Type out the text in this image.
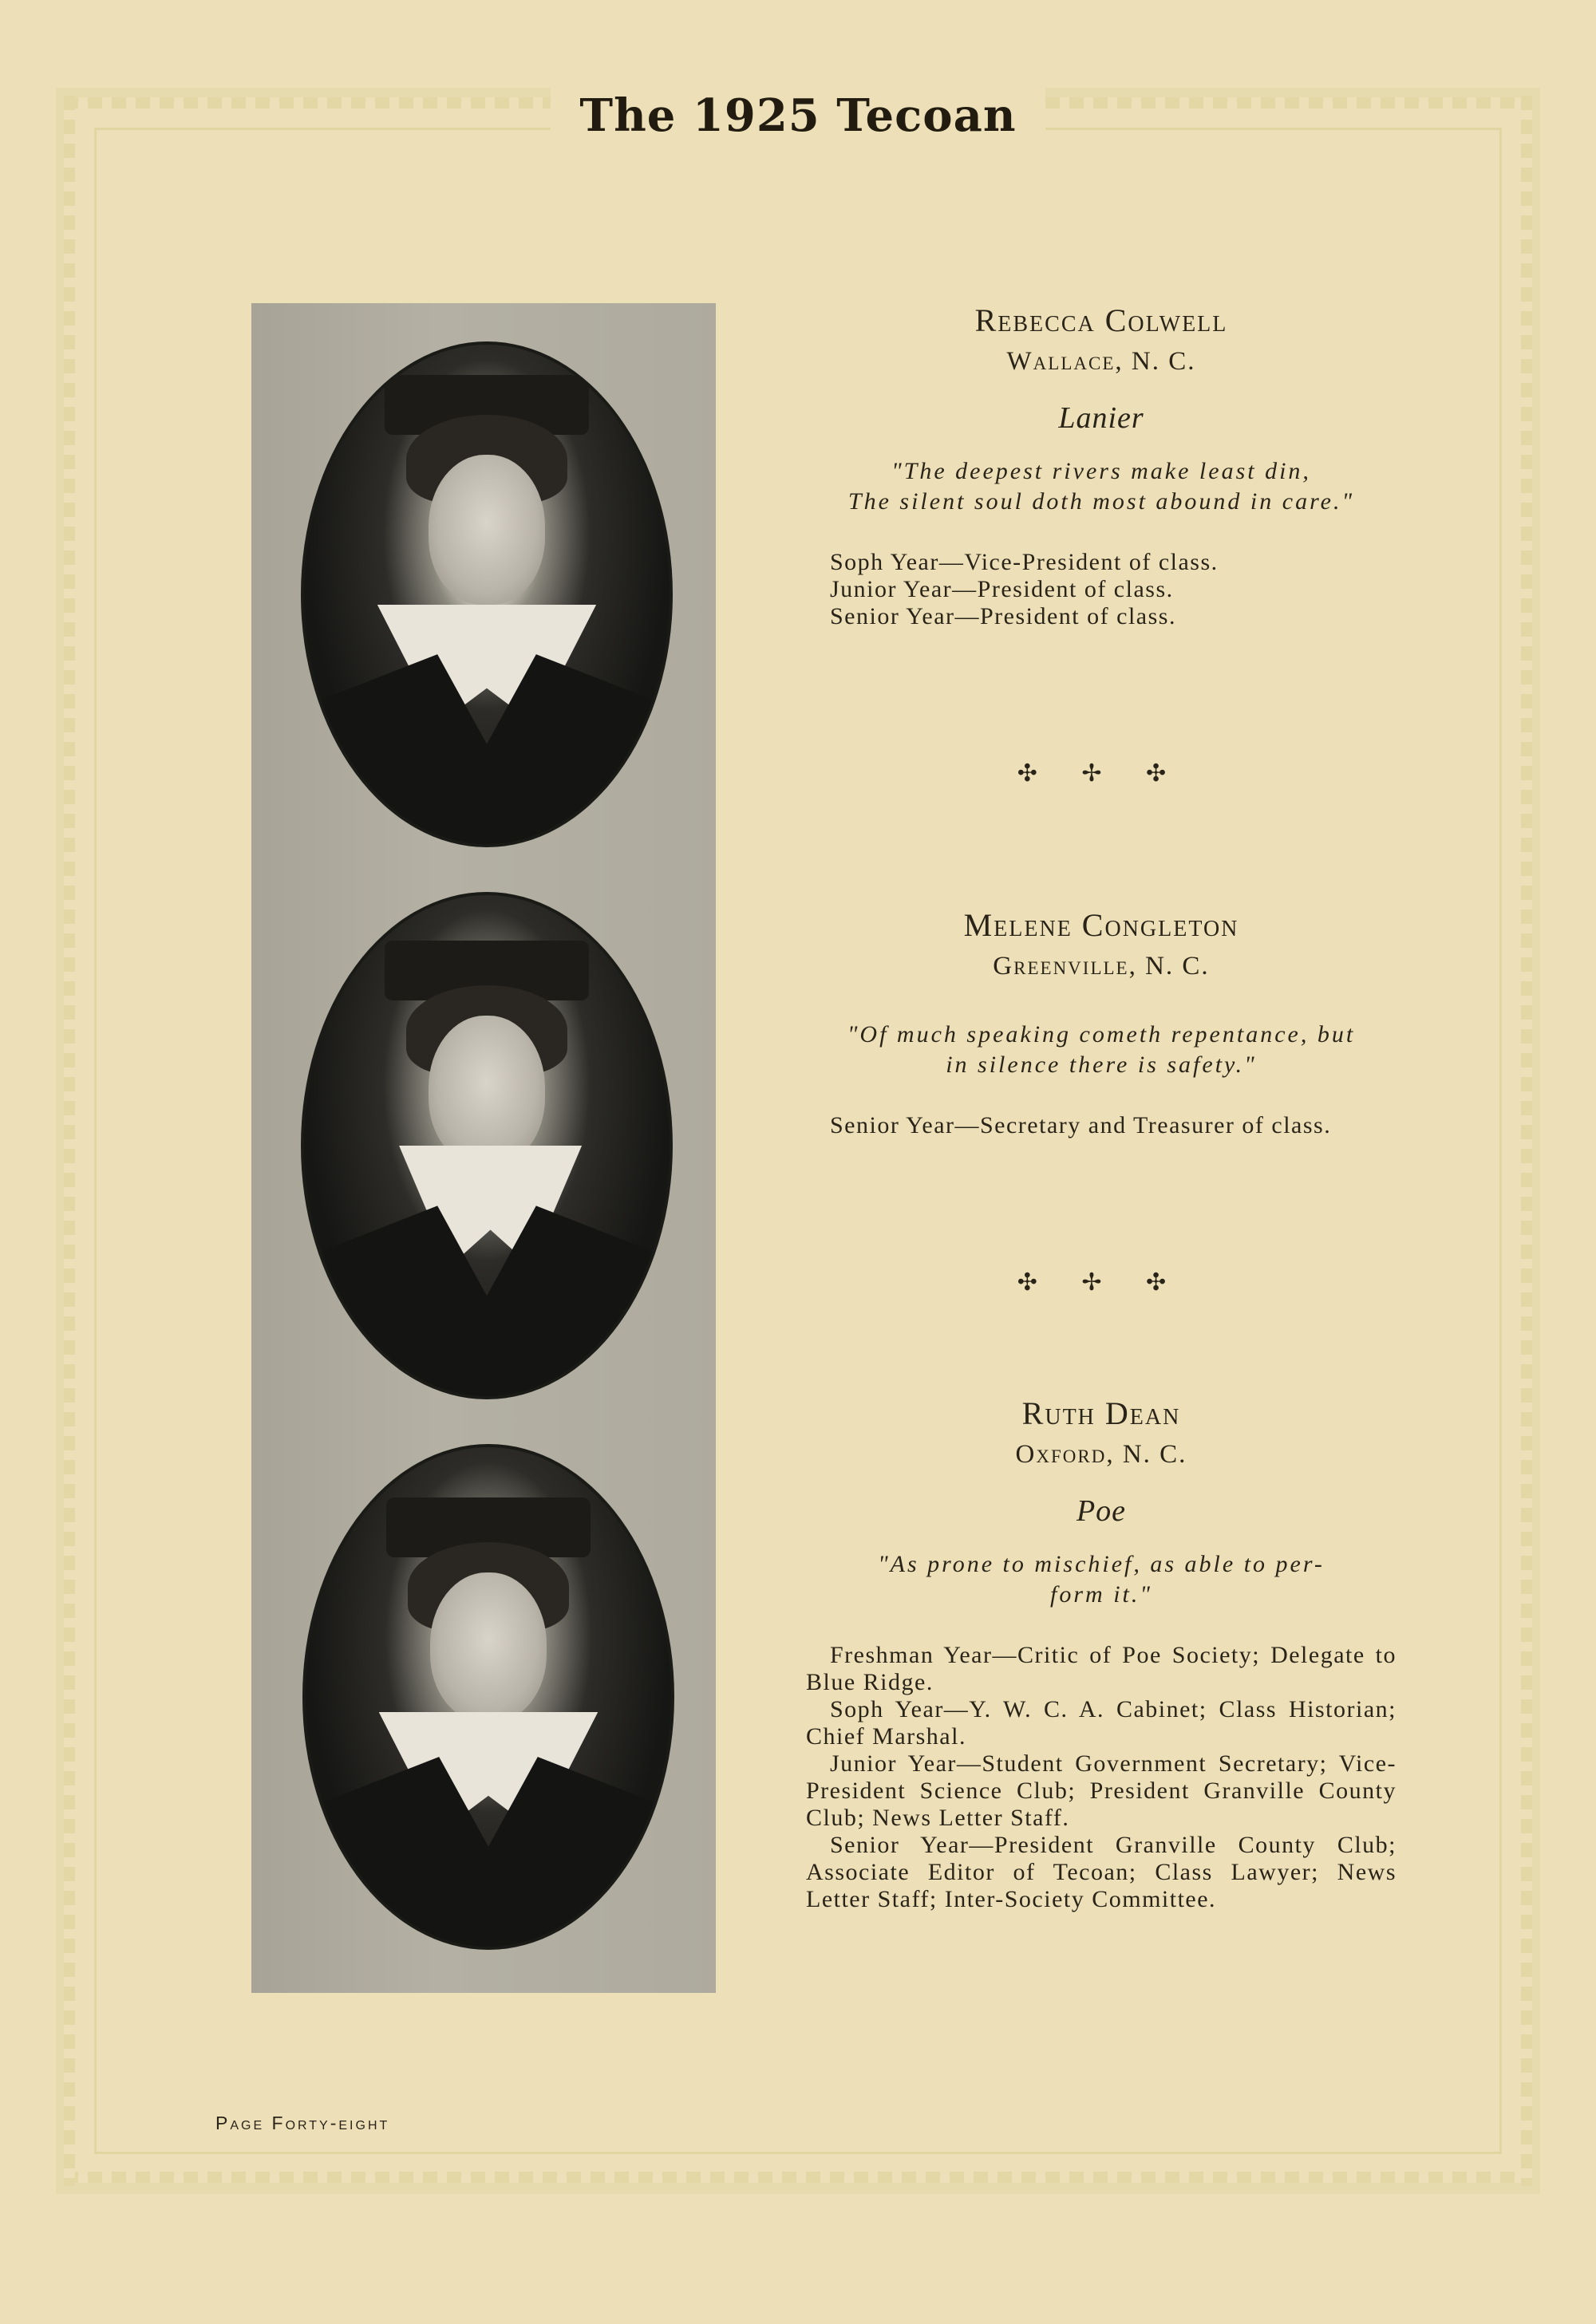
The 1925 Tecoan

Rebecca Colwell

Wallace, N. C.

Lanier

"The deepest rivers make least din,
The silent soul doth most abound in care."

Soph Year—Vice-President of class.

Junior Year—President of class.

Senior Year—President of class.

✣ ✢ ✣

Melene Congleton

Greenville, N. C.

"Of much speaking cometh repentance, but
in silence there is safety."

Senior Year—Secretary and Treasurer of class.

✣ ✢ ✣

Ruth Dean

Oxford, N. C.

Poe

"As prone to mischief, as able to per-
form it."

Freshman Year—Critic of Poe Society; Delegate to Blue Ridge.

Soph Year—Y. W. C. A. Cabinet; Class Historian; Chief Marshal.

Junior Year—Student Government Secretary; Vice-President Science Club; President Granville County Club; News Letter Staff.

Senior Year—President Granville County Club; Associate Editor of Tecoan; Class Lawyer; News Letter Staff; Inter-Society Committee.

Page Forty-eight
